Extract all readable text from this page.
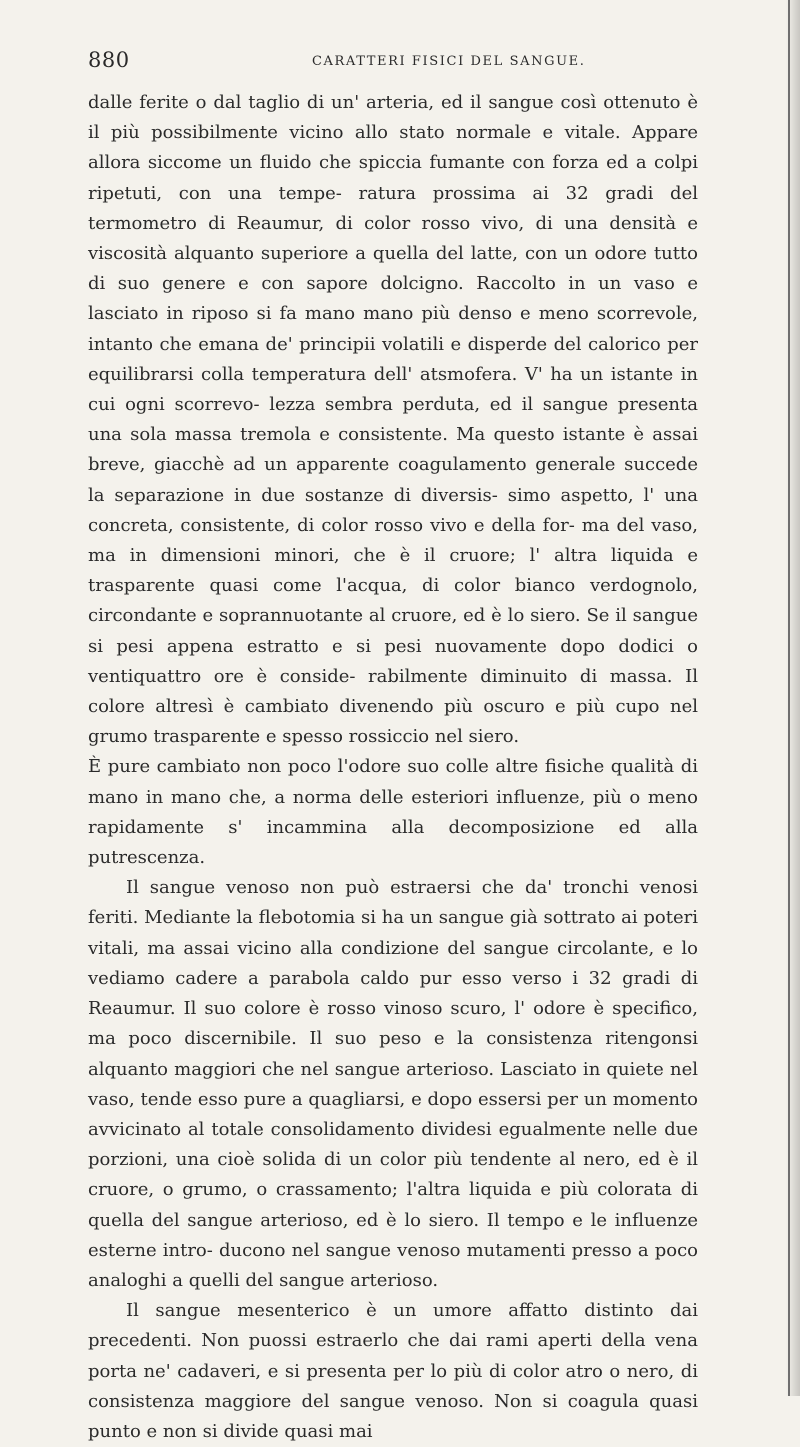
880	CARATTERI FISICI DEL SANGUE.

dalle ferite o dal taglio di un' arteria, ed il sangue così ottenuto è il più possibilmente vicino allo stato normale e vitale. Appare allora siccome un fluido che spiccia fumante con forza ed a colpi ripetuti, con una tempe- ratura prossima ai 32 gradi del termometro di Reaumur, di color rosso vivo, di una densità e viscosità alquanto superiore a quella del latte, con un odore tutto di suo genere e con sapore dolcigno. Raccolto in un vaso e lasciato in riposo si fa mano mano più denso e meno scorrevole, intanto che emana de' principii volatili e disperde del calorico per equilibrarsi colla temperatura dell' atsmofera. V' ha un istante in cui ogni scorrevo- lezza sembra perduta, ed il sangue presenta una sola massa tremola e consistente. Ma questo istante è assai breve, giacchè ad un apparente coagulamento generale succede la separazione in due sostanze di diversis- simo aspetto, l' una concreta, consistente, di color rosso vivo e della for- ma del vaso, ma in dimensioni minori, che è il cruore; l' altra liquida e trasparente quasi come l'acqua, di color bianco verdognolo, circondante e soprannuotante al cruore, ed è lo siero. Se il sangue si pesi appena estratto e si pesi nuovamente dopo dodici o ventiquattro ore è conside- rabilmente diminuito di massa. Il colore altresì è cambiato divenendo più oscuro e più cupo nel grumo trasparente e spesso rossiccio nel siero.

È pure cambiato non poco l'odore suo colle altre fisiche qualità di mano in mano che, a norma delle esteriori influenze, più o meno rapidamente s' incammina alla decomposizione ed alla putrescenza.

Il sangue venoso non può estraersi che da' tronchi venosi feriti. Mediante la flebotomia si ha un sangue già sottrato ai poteri vitali, ma assai vicino alla condizione del sangue circolante, e lo vediamo cadere a parabola caldo pur esso verso i 32 gradi di Reaumur. Il suo colore è rosso vinoso scuro, l' odore è specifico, ma poco discernibile. Il suo peso e la consistenza ritengonsi alquanto maggiori che nel sangue arterioso. Lasciato in quiete nel vaso, tende esso pure a quagliarsi, e dopo essersi per un momento avvicinato al totale consolidamento dividesi egualmente nelle due porzioni, una cioè solida di un color più tendente al nero, ed è il cruore, o grumo, o crassamento; l'altra liquida e più colorata di quella del sangue arterioso, ed è lo siero. Il tempo e le influenze esterne intro- ducono nel sangue venoso mutamenti presso a poco analoghi a quelli del sangue arterioso.

Il sangue mesenterico è un umore affatto distinto dai precedenti. Non puossi estraerlo che dai rami aperti della vena porta ne' cadaveri, e si presenta per lo più di color atro o nero, di consistenza maggiore del sangue venoso. Non si coagula quasi punto e non si divide quasi mai
